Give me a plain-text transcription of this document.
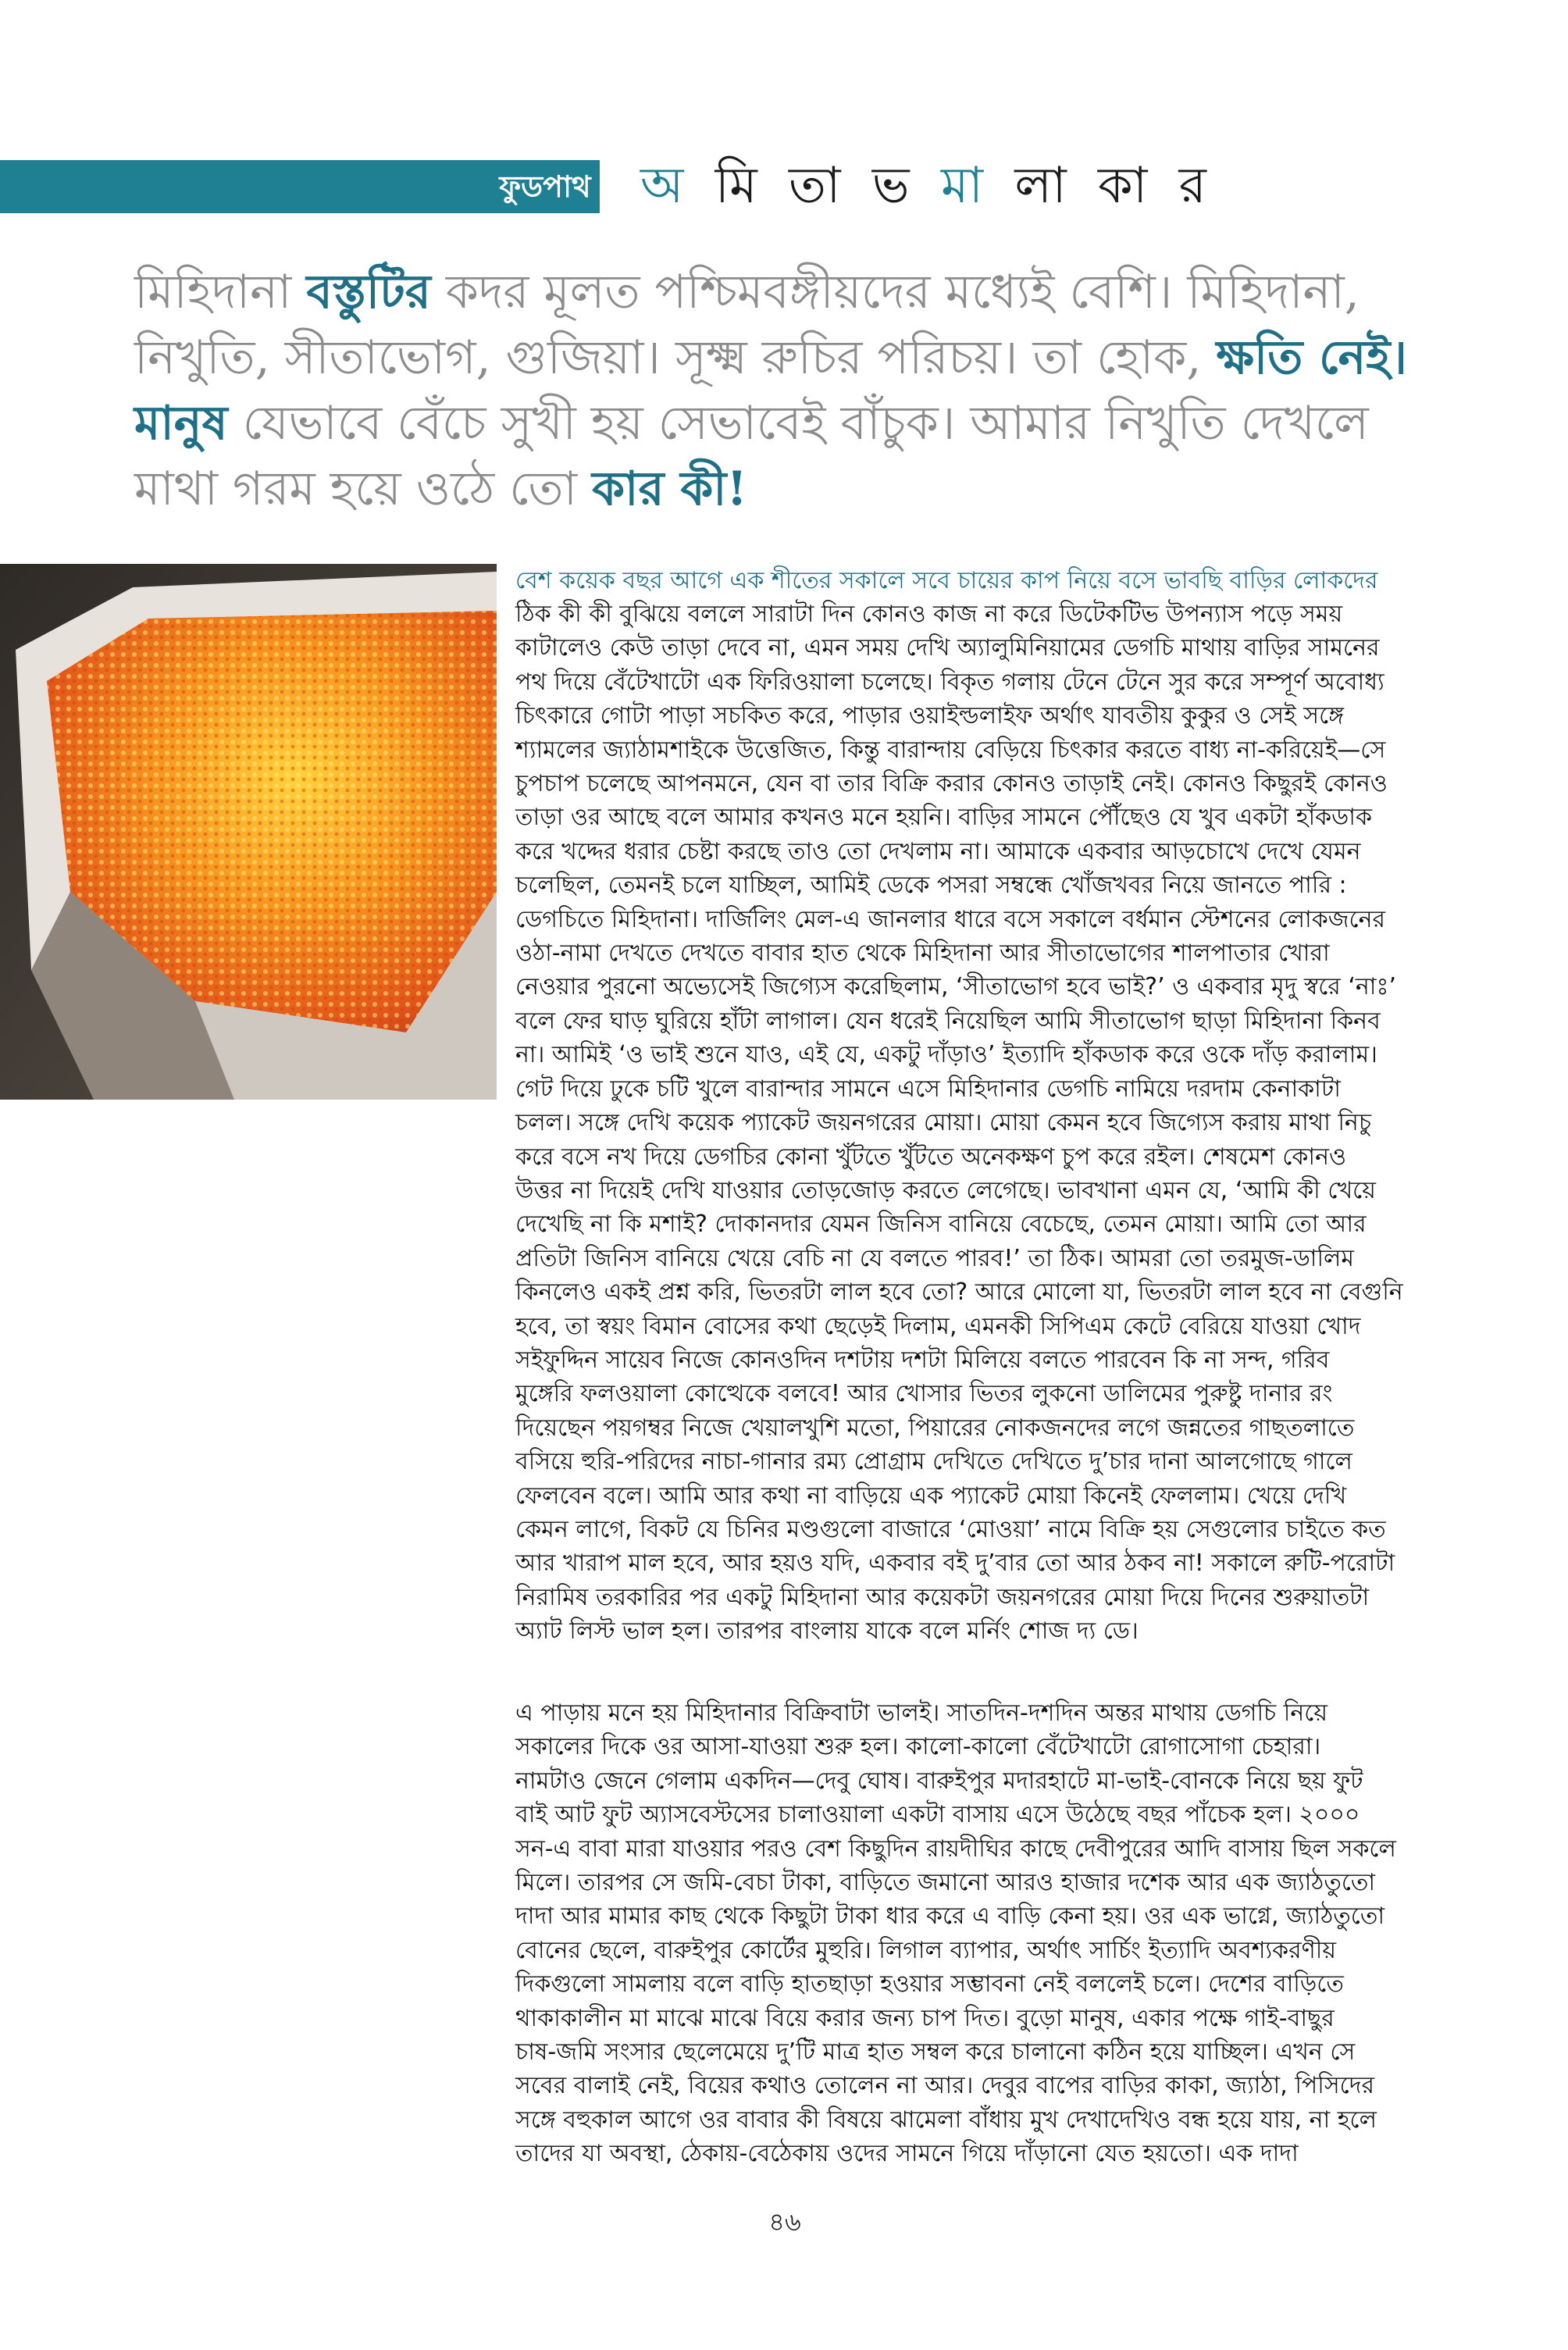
ফুডপাথ অ মি তা ভ মা লা কা র
মিহিদানা বস্তুটির কদর মূলত পশ্চিমবঙ্গীয়দের মধ্যেই বেশি। মিহিদানা, নিখুতি, সীতাভোগ, গুজিয়া। সূক্ষ্ম রুচির পরিচয়। তা হোক, ক্ষতি নেই।
মানুষ যেভাবে বেঁচে সুখী হয় সেভাবেই বাঁচুক। আমার নিখুতি দেখলে মাথা গরম হয়ে ওঠে তো কার কী!
বেশ কয়েক বছর আগে এক শীতের সকালে সবে চায়ের কাপ নিয়ে বসে ভাবছি বাড়ির লোকদের
ঠিক কী কী বুঝিয়ে বললে সারাটা দিন কোনও কাজ না করে ডিটেকটিভ উপন্যাস পড়ে সময়
কাটালেও কেউ তাড়া দেবে না, এমন সময় দেখি অ্যালুমিনিয়ামের ডেগচি মাথায় বাড়ির সামনের
পথ দিয়ে বেঁটেখাটো এক ফিরিওয়ালা চলেছে। বিকৃত গলায় টেনে টেনে সুর করে সম্পূর্ণ অবোধ্য
চিৎকারে গোটা পাড়া সচকিত করে, পাড়ার ওয়াইল্ডলাইফ অর্থাৎ যাবতীয় কুকুর ও সেই সঙ্গে
শ্যামলের জ্যাঠামশাইকে উত্তেজিত, কিন্তু বারান্দায় বেড়িয়ে চিৎকার করতে বাধ্য না-করিয়েই—সে
চুপচাপ চলেছে আপনমনে, যেন বা তার বিক্রি করার কোনও তাড়াই নেই। কোনও কিছুরই কোনও
তাড়া ওর আছে বলে আমার কখনও মনে হয়নি। বাড়ির সামনে পৌঁছেও যে খুব একটা হাঁকডাক
করে খদ্দের ধরার চেষ্টা করছে তাও তো দেখলাম না। আমাকে একবার আড়চোখে দেখে যেমন
চলেছিল, তেমনই চলে যাচ্ছিল, আমিই ডেকে পসরা সম্বন্ধে খোঁজখবর নিয়ে জানতে পারি :
ডেগচিতে মিহিদানা। দার্জিলিং মেল-এ জানলার ধারে বসে সকালে বর্ধমান স্টেশনের লোকজনের
ওঠা-নামা দেখতে দেখতে বাবার হাত থেকে মিহিদানা আর সীতাভোগের শালপাতার খোরা
নেওয়ার পুরনো অভ্যেসেই জিগ্যেস করেছিলাম, ‘সীতাভোগ হবে ভাই?’ ও একবার মৃদু স্বরে ‘নাঃ’
বলে ফের ঘাড় ঘুরিয়ে হাঁটা লাগাল। যেন ধরেই নিয়েছিল আমি সীতাভোগ ছাড়া মিহিদানা কিনব
না। আমিই ‘ও ভাই শুনে যাও, এই যে, একটু দাঁড়াও’ ইত্যাদি হাঁকডাক করে ওকে দাঁড় করালাম।
গেট দিয়ে ঢুকে চটি খুলে বারান্দার সামনে এসে মিহিদানার ডেগচি নামিয়ে দরদাম কেনাকাটা
চলল। সঙ্গে দেখি কয়েক প্যাকেট জয়নগরের মোয়া। মোয়া কেমন হবে জিগ্যেস করায় মাথা নিচু
করে বসে নখ দিয়ে ডেগচির কোনা খুঁটতে খুঁটতে অনেকক্ষণ চুপ করে রইল। শেষমেশ কোনও
উত্তর না দিয়েই দেখি যাওয়ার তোড়জোড় করতে লেগেছে। ভাবখানা এমন যে, ‘আমি কী খেয়ে
দেখেছি না কি মশাই? দোকানদার যেমন জিনিস বানিয়ে বেচেছে, তেমন মোয়া। আমি তো আর
প্রতিটা জিনিস বানিয়ে খেয়ে বেচি না যে বলতে পারব!’ তা ঠিক। আমরা তো তরমুজ-ডালিম
কিনলেও একই প্রশ্ন করি, ভিতরটা লাল হবে তো? আরে মোলো যা, ভিতরটা লাল হবে না বেগুনি
হবে, তা স্বয়ং বিমান বোসের কথা ছেড়েই দিলাম, এমনকী সিপিএম কেটে বেরিয়ে যাওয়া খোদ
সইফুদ্দিন সায়েব নিজে কোনওদিন দশটায় দশটা মিলিয়ে বলতে পারবেন কি না সন্দ, গরিব
মুঙ্গেরি ফলওয়ালা কোত্থেকে বলবে! আর খোসার ভিতর লুকনো ডালিমের পুরুষ্টু দানার রং
দিয়েছেন পয়গম্বর নিজে খেয়ালখুশি মতো, পিয়ারের নোকজনদের লগে জন্নতের গাছতলাতে
বসিয়ে হুরি-পরিদের নাচা-গানার রম্য প্রোগ্রাম দেখিতে দেখিতে দু’চার দানা আলগোছে গালে
ফেলবেন বলে। আমি আর কথা না বাড়িয়ে এক প্যাকেট মোয়া কিনেই ফেললাম। খেয়ে দেখি
কেমন লাগে, বিকট যে চিনির মণ্ডগুলো বাজারে ‘মোওয়া’ নামে বিক্রি হয় সেগুলোর চাইতে কত
আর খারাপ মাল হবে, আর হয়ও যদি, একবার বই দু’বার তো আর ঠকব না! সকালে রুটি-পরোটা
নিরামিষ তরকারির পর একটু মিহিদানা আর কয়েকটা জয়নগরের মোয়া দিয়ে দিনের শুরুয়াতটা
অ্যাট লিস্ট ভাল হল। তারপর বাংলায় যাকে বলে মর্নিং শোজ দ্য ডে।
এ পাড়ায় মনে হয় মিহিদানার বিক্রিবাটা ভালই। সাতদিন-দশদিন অন্তর মাথায় ডেগচি নিয়ে
সকালের দিকে ওর আসা-যাওয়া শুরু হল। কালো-কালো বেঁটেখাটো রোগাসোগা চেহারা।
নামটাও জেনে গেলাম একদিন—দেবু ঘোষ। বারুইপুর মদারহাটে মা-ভাই-বোনকে নিয়ে ছয় ফুট
বাই আট ফুট অ্যাসবেস্টসের চালাওয়ালা একটা বাসায় এসে উঠেছে বছর পাঁচেক হল। ২০০০
সন-এ বাবা মারা যাওয়ার পরও বেশ কিছুদিন রায়দীঘির কাছে দেবীপুরের আদি বাসায় ছিল সকলে
মিলে। তারপর সে জমি-বেচা টাকা, বাড়িতে জমানো আরও হাজার দশেক আর এক জ্যাঠতুতো
দাদা আর মামার কাছ থেকে কিছুটা টাকা ধার করে এ বাড়ি কেনা হয়। ওর এক ভাগ্নে, জ্যাঠতুতো
বোনের ছেলে, বারুইপুর কোর্টের মুহুরি। লিগাল ব্যাপার, অর্থাৎ সার্চিং ইত্যাদি অবশ্যকরণীয়
দিকগুলো সামলায় বলে বাড়ি হাতছাড়া হওয়ার সম্ভাবনা নেই বললেই চলে। দেশের বাড়িতে
থাকাকালীন মা মাঝে মাঝে বিয়ে করার জন্য চাপ দিত। বুড়ো মানুষ, একার পক্ষে গাই-বাছুর
চাষ-জমি সংসার ছেলেমেয়ে দু’টি মাত্র হাত সম্বল করে চালানো কঠিন হয়ে যাচ্ছিল। এখন সে
সবের বালাই নেই, বিয়ের কথাও তোলেন না আর। দেবুর বাপের বাড়ির কাকা, জ্যাঠা, পিসিদের
সঙ্গে বহুকাল আগে ওর বাবার কী বিষয়ে ঝামেলা বাঁধায় মুখ দেখাদেখিও বন্ধ হয়ে যায়, না হলে
তাদের যা অবস্থা, ঠেকায়-বেঠেকায় ওদের সামনে গিয়ে দাঁড়ানো যেত হয়তো। এক দাদা
৪৬
